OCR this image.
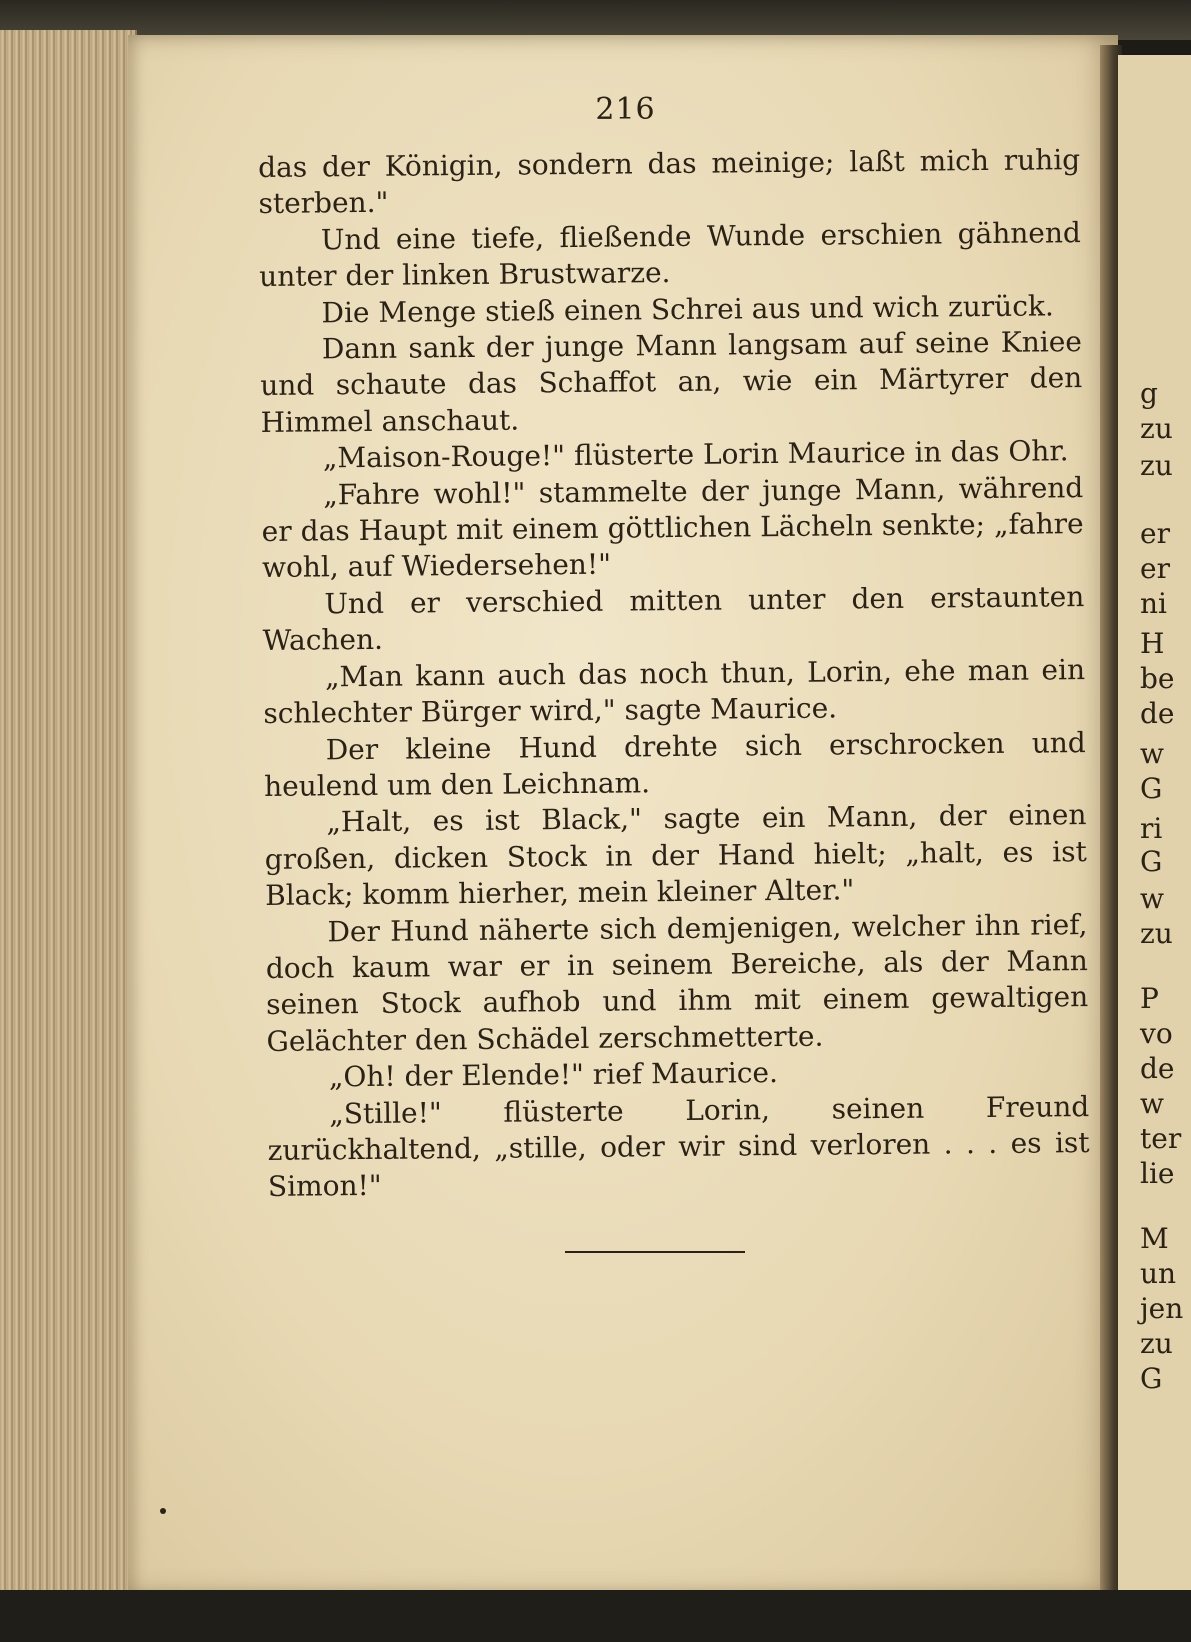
g
zu
zu
er
er
ni
H
be
de
w
G
ri
G
w
zu
P
vo
de
w
ter
lie
M
un
jen
zu
G
216

das der Königin, sondern das meinige; laßt mich ruhig sterben."

Und eine tiefe, fließende Wunde erschien gähnend unter der linken Brustwarze.

Die Menge stieß einen Schrei aus und wich zurück.

Dann sank der junge Mann langsam auf seine Kniee und schaute das Schaffot an, wie ein Märtyrer den Himmel anschaut.

„Maison-Rouge!" flüsterte Lorin Maurice in das Ohr.

„Fahre wohl!" stammelte der junge Mann, während er das Haupt mit einem göttlichen Lächeln senkte; „fahre wohl, auf Wiedersehen!"

Und er verschied mitten unter den erstaunten Wachen.

„Man kann auch das noch thun, Lorin, ehe man ein schlechter Bürger wird," sagte Maurice.

Der kleine Hund drehte sich erschrocken und heulend um den Leichnam.

„Halt, es ist Black," sagte ein Mann, der einen großen, dicken Stock in der Hand hielt; „halt, es ist Black; komm hierher, mein kleiner Alter."

Der Hund näherte sich demjenigen, welcher ihn rief, doch kaum war er in seinem Bereiche, als der Mann seinen Stock aufhob und ihm mit einem gewaltigen Gelächter den Schädel zerschmetterte.

„Oh! der Elende!" rief Maurice.

„Stille!" flüsterte Lorin, seinen Freund zurückhaltend, „stille, oder wir sind verloren . . . es ist Simon!"
